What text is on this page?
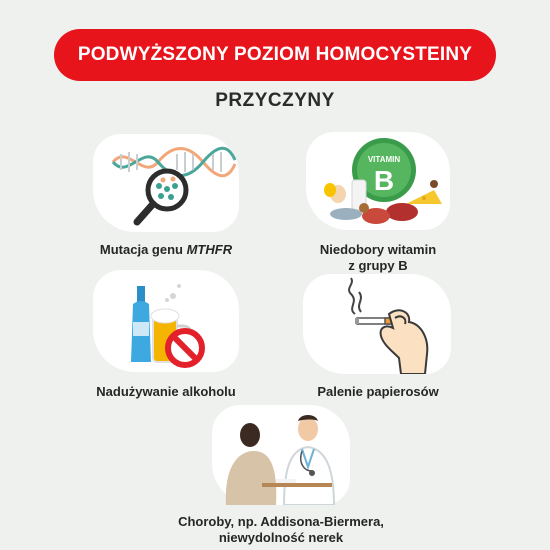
PODWYŻSZONY POZIOM HOMOCYSTEINY
PRZYCZYNY
Mutacja genu MTHFR
VITAMIN
B
Niedobory witamin
z grupy B
Nadużywanie alkoholu	Palenie papierosów
Choroby, np. Addisona-Biermera,
niewydolność nerek
